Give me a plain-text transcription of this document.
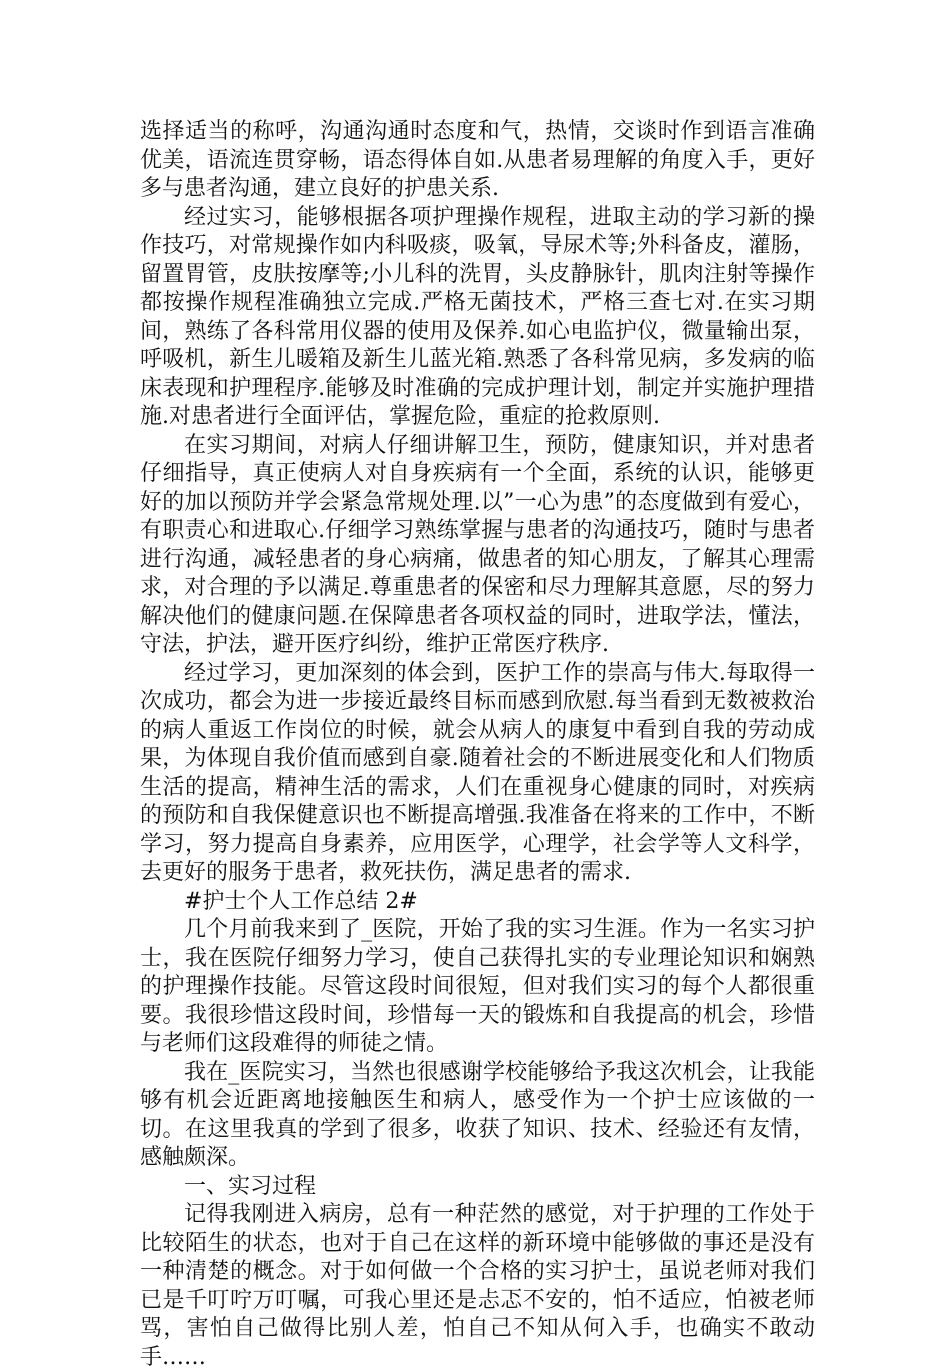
选择适当的称呼，沟通沟通时态度和气，热情，交谈时作到语言准确优美，语流连贯穿畅，语态得体自如.从患者易理解的角度入手，更好多与患者沟通，建立良好的护患关系.

经过实习，能够根据各项护理操作规程，进取主动的学习新的操作技巧，对常规操作如内科吸痰，吸氧，导尿术等;外科备皮，灌肠，留置胃管，皮肤按摩等;小儿科的洗胃，头皮静脉针，肌肉注射等操作都按操作规程准确独立完成.严格无菌技术，严格三查七对.在实习期间，熟练了各科常用仪器的使用及保养.如心电监护仪，微量输出泵，呼吸机，新生儿暖箱及新生儿蓝光箱.熟悉了各科常见病，多发病的临床表现和护理程序.能够及时准确的完成护理计划，制定并实施护理措施.对患者进行全面评估，掌握危险，重症的抢救原则.

在实习期间，对病人仔细讲解卫生，预防，健康知识，并对患者仔细指导，真正使病人对自身疾病有一个全面，系统的认识，能够更好的加以预防并学会紧急常规处理.以”一心为患”的态度做到有爱心，有职责心和进取心.仔细学习熟练掌握与患者的沟通技巧，随时与患者进行沟通，减轻患者的身心病痛，做患者的知心朋友，了解其心理需求，对合理的予以满足.尊重患者的保密和尽力理解其意愿，尽的努力解决他们的健康问题.在保障患者各项权益的同时，进取学法，懂法，守法，护法，避开医疗纠纷，维护正常医疗秩序.

经过学习，更加深刻的体会到，医护工作的崇高与伟大.每取得一次成功，都会为进一步接近最终目标而感到欣慰.每当看到无数被救治的病人重返工作岗位的时候，就会从病人的康复中看到自我的劳动成果，为体现自我价值而感到自豪.随着社会的不断进展变化和人们物质生活的提高，精神生活的需求，人们在重视身心健康的同时，对疾病的预防和自我保健意识也不断提高增强.我准备在将来的工作中，不断学习，努力提高自身素养，应用医学，心理学，社会学等人文科学，去更好的服务于患者，救死扶伤，满足患者的需求.

#护士个人工作总结 2#

几个月前我来到了_医院，开始了我的实习生涯。作为一名实习护士，我在医院仔细努力学习，使自己获得扎实的专业理论知识和娴熟的护理操作技能。尽管这段时间很短，但对我们实习的每个人都很重要。我很珍惜这段时间，珍惜每一天的锻炼和自我提高的机会，珍惜与老师们这段难得的师徒之情。

我在_医院实习，当然也很感谢学校能够给予我这次机会，让我能够有机会近距离地接触医生和病人，感受作为一个护士应该做的一切。在这里我真的学到了很多，收获了知识、技术、经验还有友情，感触颇深。

一、实习过程

记得我刚进入病房，总有一种茫然的感觉，对于护理的工作处于比较陌生的状态，也对于自己在这样的新环境中能够做的事还是没有一种清楚的概念。对于如何做一个合格的实习护士，虽说老师对我们已是千叮咛万叮嘱，可我心里还是忐忑不安的，怕不适应，怕被老师骂，害怕自己做得比别人差，怕自己不知从何入手，也确实不敢动手……
